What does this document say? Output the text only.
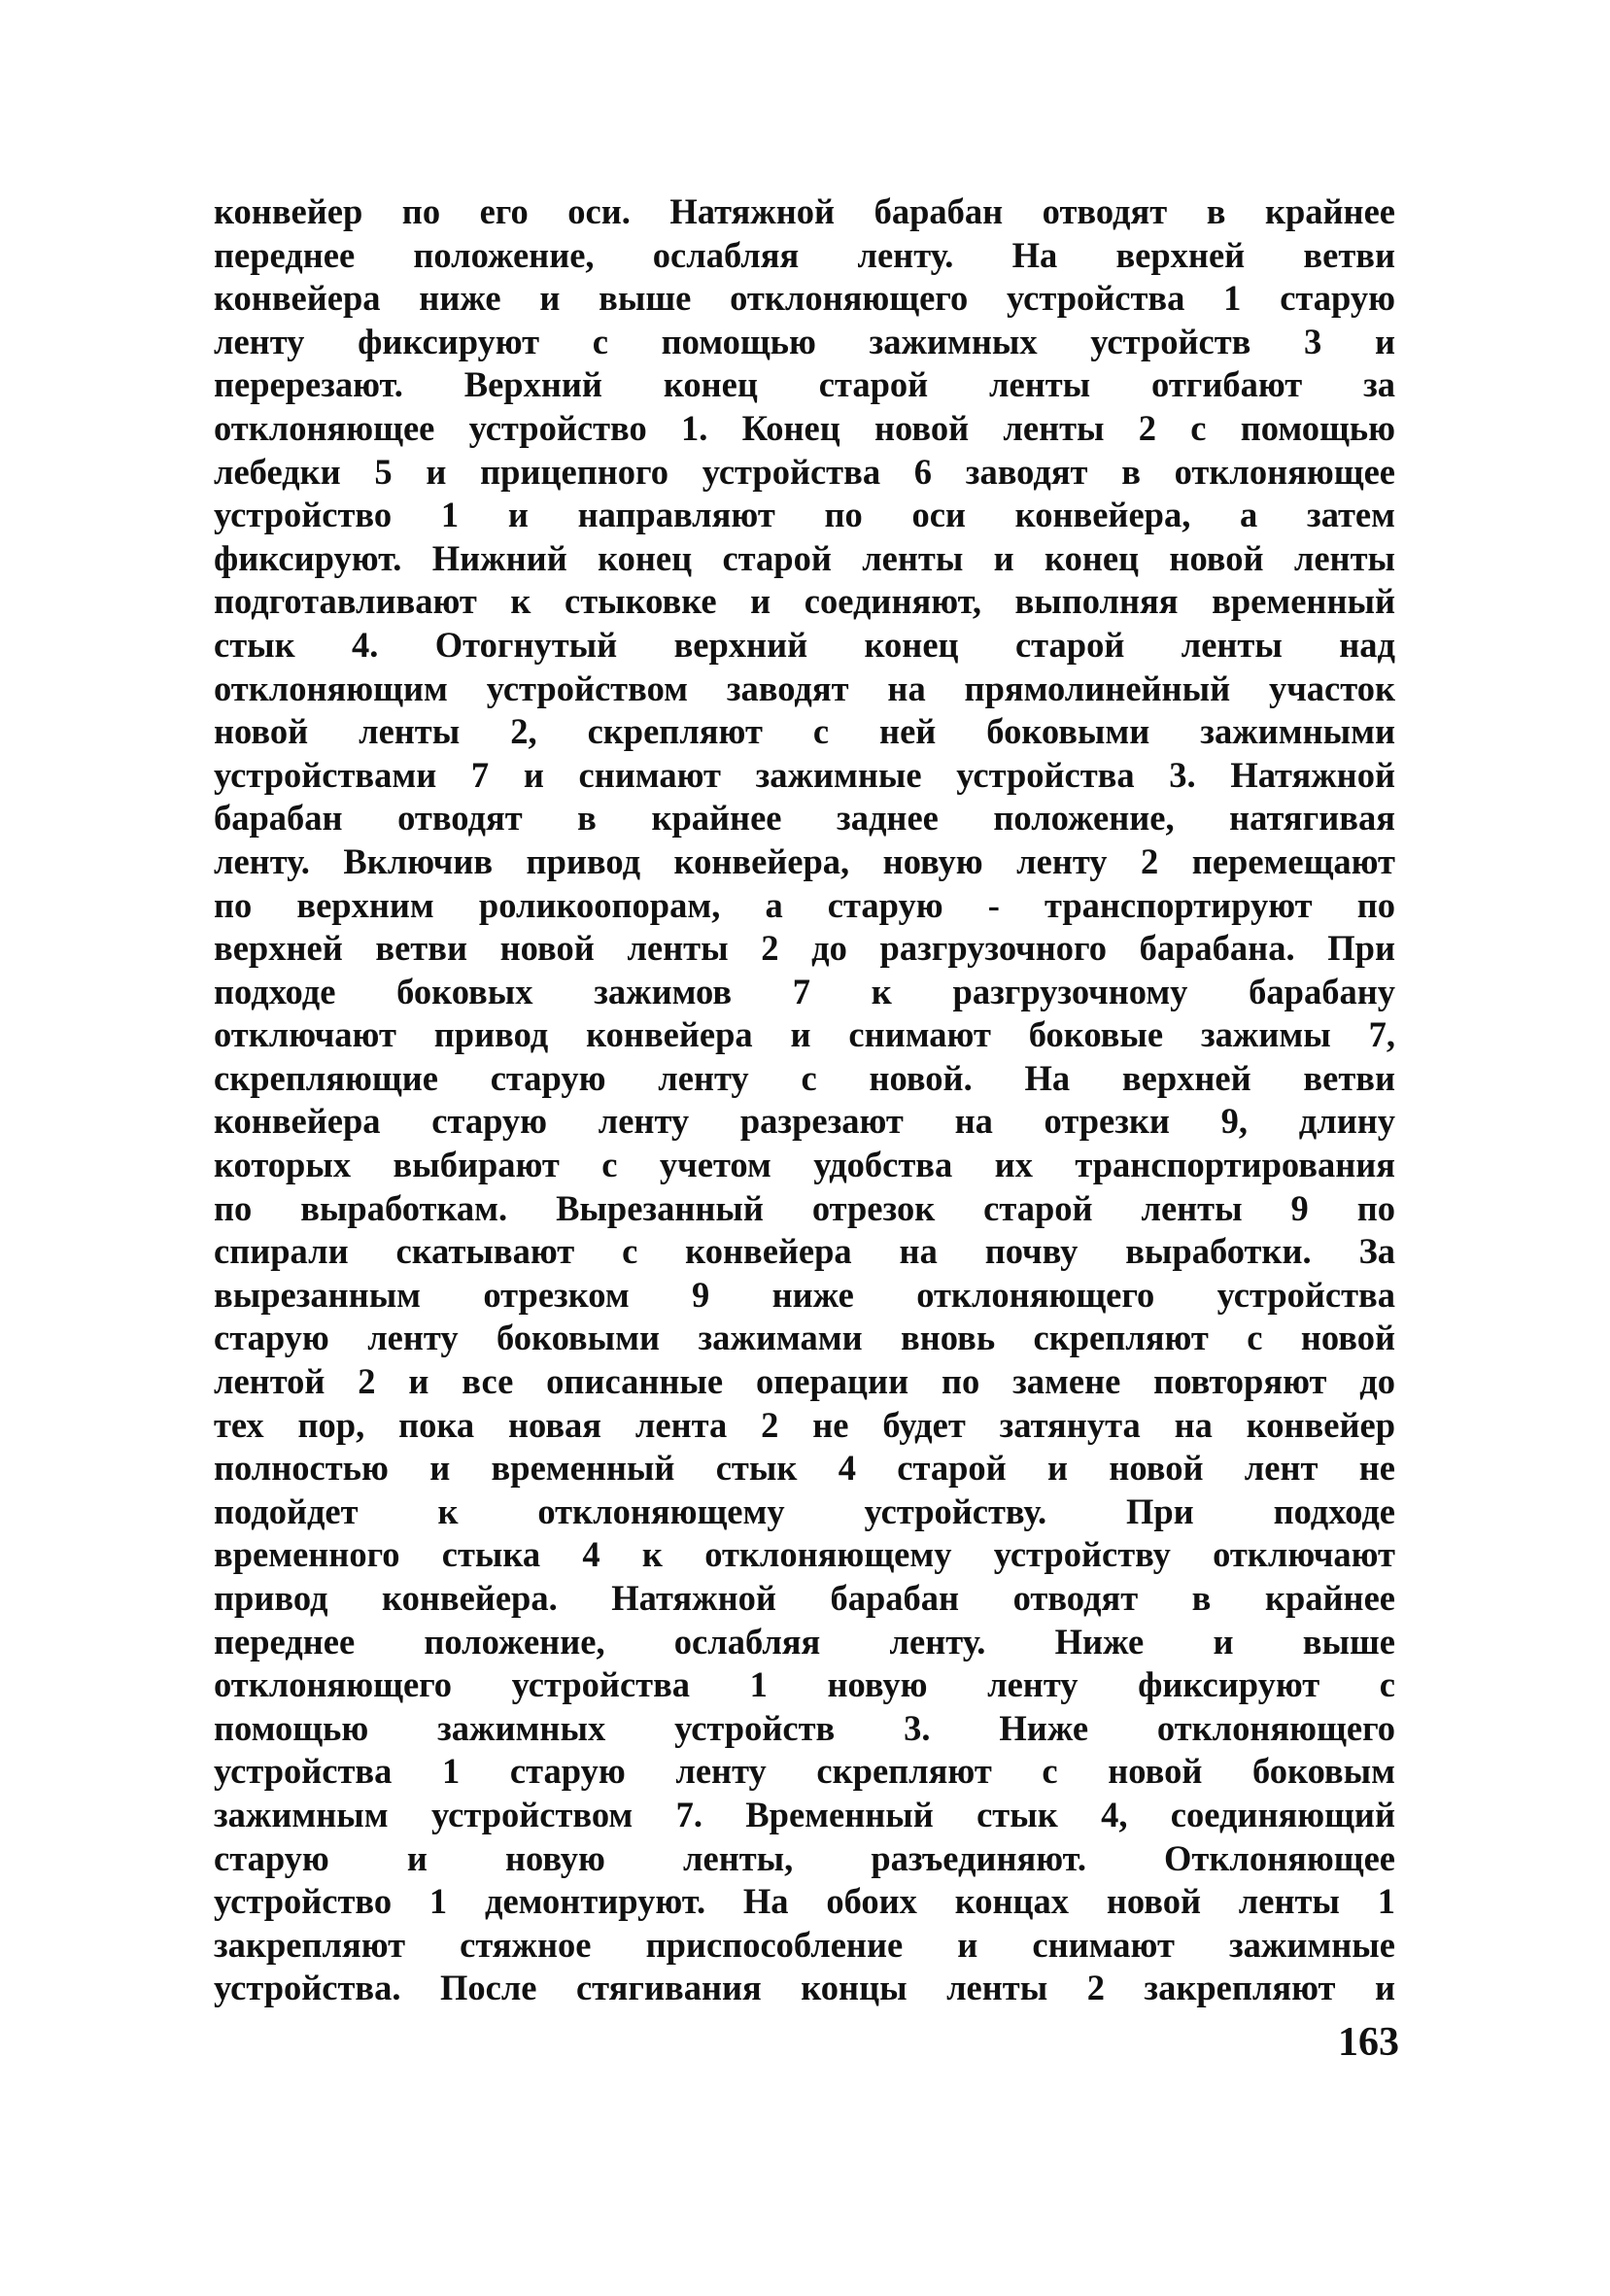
конвейер по его оси. Натяжной барабан отводят в крайнее
переднее положение, ослабляя ленту. На верхней ветви
конвейера ниже и выше отклоняющего устройства 1 старую
ленту фиксируют с помощью зажимных устройств 3 и
перерезают. Верхний конец старой ленты отгибают за
отклоняющее устройство 1. Конец новой ленты 2 с помощью
лебедки 5 и прицепного устройства 6 заводят в отклоняющее
устройство 1 и направляют по оси конвейера, а затем
фиксируют. Нижний конец старой ленты и конец новой ленты
подготавливают к стыковке и соединяют, выполняя временный
стык 4. Отогнутый верхний конец старой ленты над
отклоняющим устройством заводят на прямолинейный участок
новой ленты 2, скрепляют с ней боковыми зажимными
устройствами 7 и снимают зажимные устройства 3. Натяжной
барабан отводят в крайнее заднее положение, натягивая
ленту. Включив привод конвейера, новую ленту 2 перемещают
по верхним роликоопорам, а старую - транспортируют по
верхней ветви новой ленты 2 до разгрузочного барабана. При
подходе боковых зажимов 7 к разгрузочному барабану
отключают привод конвейера и снимают боковые зажимы 7,
скрепляющие старую ленту с новой. На верхней ветви
конвейера старую ленту разрезают на отрезки 9, длину
которых выбирают с учетом удобства их транспортирования
по выработкам. Вырезанный отрезок старой ленты 9 по
спирали скатывают с конвейера на почву выработки. За
вырезанным отрезком 9 ниже отклоняющего устройства
старую ленту боковыми зажимами вновь скрепляют с новой
лентой 2 и все описанные операции по замене повторяют до
тех пор, пока новая лента 2 не будет затянута на конвейер
полностью и временный стык 4 старой и новой лент не
подойдет к отклоняющему устройству. При подходе
временного стыка 4 к отклоняющему устройству отключают
привод конвейера. Натяжной барабан отводят в крайнее
переднее положение, ослабляя ленту. Ниже и выше
отклоняющего устройства 1 новую ленту фиксируют с
помощью зажимных устройств 3. Ниже отклоняющего
устройства 1 старую ленту скрепляют с новой боковым
зажимным устройством 7. Временный стык 4, соединяющий
старую и новую ленты, разъединяют. Отклоняющее
устройство 1 демонтируют. На обоих концах новой ленты 1
закрепляют стяжное приспособление и снимают зажимные
устройства. После стягивания концы ленты 2 закрепляют и
163
